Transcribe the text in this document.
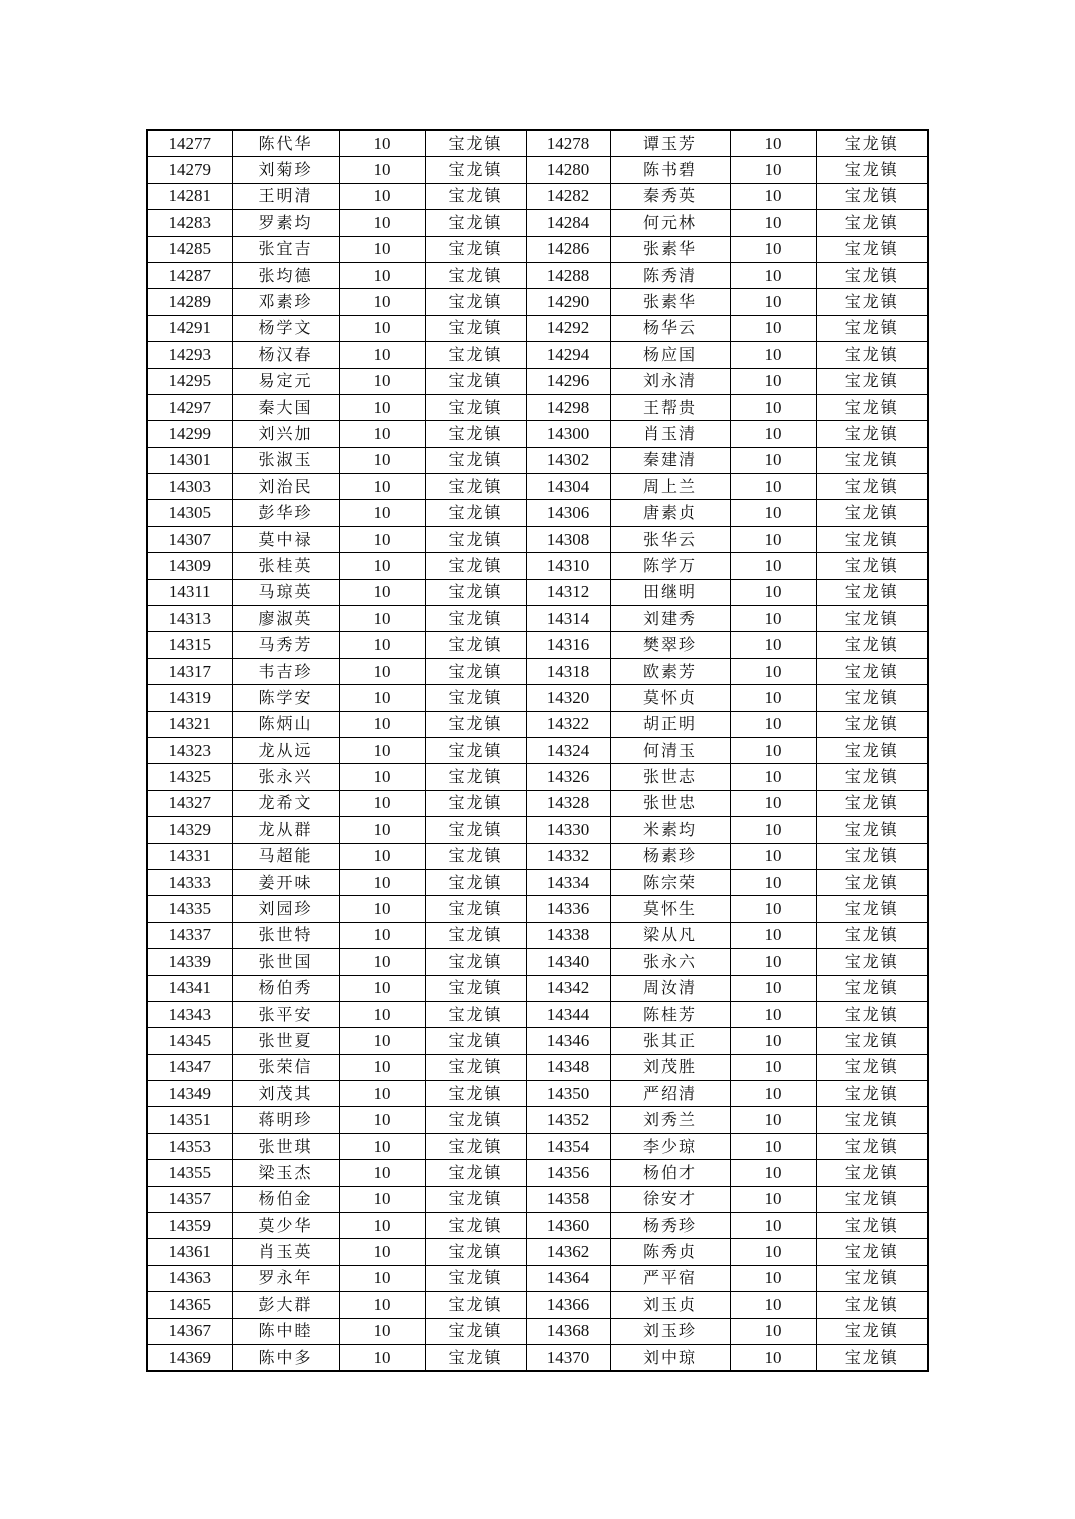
14277	陈代华	10	宝龙镇	14278	谭玉芳	10	宝龙镇
14279	刘菊珍	10	宝龙镇	14280	陈书碧	10	宝龙镇
14281	王明清	10	宝龙镇	14282	秦秀英	10	宝龙镇
14283	罗素均	10	宝龙镇	14284	何元林	10	宝龙镇
14285	张宜吉	10	宝龙镇	14286	张素华	10	宝龙镇
14287	张均德	10	宝龙镇	14288	陈秀清	10	宝龙镇
14289	邓素珍	10	宝龙镇	14290	张素华	10	宝龙镇
14291	杨学文	10	宝龙镇	14292	杨华云	10	宝龙镇
14293	杨汉春	10	宝龙镇	14294	杨应国	10	宝龙镇
14295	易定元	10	宝龙镇	14296	刘永清	10	宝龙镇
14297	秦大国	10	宝龙镇	14298	王帮贵	10	宝龙镇
14299	刘兴加	10	宝龙镇	14300	肖玉清	10	宝龙镇
14301	张淑玉	10	宝龙镇	14302	秦建清	10	宝龙镇
14303	刘治民	10	宝龙镇	14304	周上兰	10	宝龙镇
14305	彭华珍	10	宝龙镇	14306	唐素贞	10	宝龙镇
14307	莫中禄	10	宝龙镇	14308	张华云	10	宝龙镇
14309	张桂英	10	宝龙镇	14310	陈学万	10	宝龙镇
14311	马琼英	10	宝龙镇	14312	田继明	10	宝龙镇
14313	廖淑英	10	宝龙镇	14314	刘建秀	10	宝龙镇
14315	马秀芳	10	宝龙镇	14316	樊翠珍	10	宝龙镇
14317	韦吉珍	10	宝龙镇	14318	欧素芳	10	宝龙镇
14319	陈学安	10	宝龙镇	14320	莫怀贞	10	宝龙镇
14321	陈炳山	10	宝龙镇	14322	胡正明	10	宝龙镇
14323	龙从远	10	宝龙镇	14324	何清玉	10	宝龙镇
14325	张永兴	10	宝龙镇	14326	张世志	10	宝龙镇
14327	龙希文	10	宝龙镇	14328	张世忠	10	宝龙镇
14329	龙从群	10	宝龙镇	14330	米素均	10	宝龙镇
14331	马超能	10	宝龙镇	14332	杨素珍	10	宝龙镇
14333	姜开味	10	宝龙镇	14334	陈宗荣	10	宝龙镇
14335	刘园珍	10	宝龙镇	14336	莫怀生	10	宝龙镇
14337	张世特	10	宝龙镇	14338	梁从凡	10	宝龙镇
14339	张世国	10	宝龙镇	14340	张永六	10	宝龙镇
14341	杨伯秀	10	宝龙镇	14342	周汝清	10	宝龙镇
14343	张平安	10	宝龙镇	14344	陈桂芳	10	宝龙镇
14345	张世夏	10	宝龙镇	14346	张其正	10	宝龙镇
14347	张荣信	10	宝龙镇	14348	刘茂胜	10	宝龙镇
14349	刘茂其	10	宝龙镇	14350	严绍清	10	宝龙镇
14351	蒋明珍	10	宝龙镇	14352	刘秀兰	10	宝龙镇
14353	张世琪	10	宝龙镇	14354	李少琼	10	宝龙镇
14355	梁玉杰	10	宝龙镇	14356	杨伯才	10	宝龙镇
14357	杨伯金	10	宝龙镇	14358	徐安才	10	宝龙镇
14359	莫少华	10	宝龙镇	14360	杨秀珍	10	宝龙镇
14361	肖玉英	10	宝龙镇	14362	陈秀贞	10	宝龙镇
14363	罗永年	10	宝龙镇	14364	严平宿	10	宝龙镇
14365	彭大群	10	宝龙镇	14366	刘玉贞	10	宝龙镇
14367	陈中睦	10	宝龙镇	14368	刘玉珍	10	宝龙镇
14369	陈中多	10	宝龙镇	14370	刘中琼	10	宝龙镇
